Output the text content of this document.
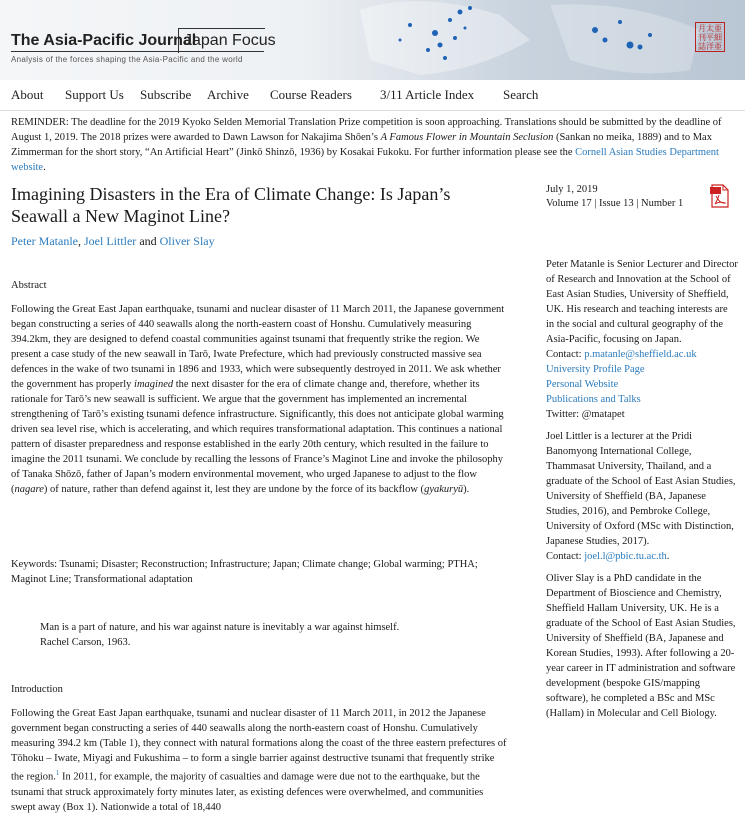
The Asia-Pacific Journal
Japan Focus
Analysis of the forces shaping the Asia-Pacific and the world
月太亜
刊平細
誌洋亜
About Support Us Subscribe Archive Course Readers 3/11 Article Index Search
REMINDER: The deadline for the 2019 Kyoko Selden Memorial Translation Prize competition is soon approaching. Translations should be submitted by the deadline of August 1, 2019. The 2018 prizes were awarded to Dawn Lawson for Nakajima Shōen’s A Famous Flower in Mountain Seclusion (Sankan no meika, 1889) and to Max Zimmerman for the short story, “An Artificial Heart” (Jinkō Shinzō, 1936) by Kosakai Fukoku. For further information please see the Cornell Asian Studies Department website.
Imagining Disasters in the Era of Climate Change: Is Japan’s Seawall a New Maginot Line?
Peter Matanle, Joel Littler and Oliver Slay
July 1, 2019
Volume 17 | Issue 13 | Number 1
Abstract
Following the Great East Japan earthquake, tsunami and nuclear disaster of 11 March 2011, the Japanese government began constructing a series of 440 seawalls along the north-eastern coast of Honshu. Cumulatively measuring 394.2km, they are designed to defend coastal communities against tsunami that frequently strike the region. We present a case study of the new seawall in Tarō, Iwate Prefecture, which had previously constructed massive sea defences in the wake of two tsunami in 1896 and 1933, which were subsequently destroyed in 2011. We ask whether the government has properly imagined the next disaster for the era of climate change and, therefore, whether its rationale for Tarō’s new seawall is sufficient. We argue that the government has implemented an incremental strengthening of Tarō’s existing tsunami defence infrastructure. Significantly, this does not anticipate global warming driven sea level rise, which is accelerating, and which requires transformational adaptation. This continues a national pattern of disaster preparedness and response established in the early 20th century, which resulted in the failure to imagine the 2011 tsunami. We conclude by recalling the lessons of France’s Maginot Line and invoke the philosophy of Tanaka Shōzō, father of Japan’s modern environmental movement, who urged Japanese to adjust to the flow (nagare) of nature, rather than defend against it, lest they are undone by the force of its backflow (gyakuryū).
Keywords: Tsunami; Disaster; Reconstruction; Infrastructure; Japan; Climate change; Global warming; PTHA; Maginot Line; Transformational adaptation
Man is a part of nature, and his war against nature is inevitably a war against himself.
Rachel Carson, 1963.
Introduction
Following the Great East Japan earthquake, tsunami and nuclear disaster of 11 March 2011, in 2012 the Japanese government began constructing a series of 440 seawalls along the north-eastern coast of Honshu. Cumulatively measuring 394.2 km (Table 1), they connect with natural formations along the coast of the three eastern prefectures of Tōhoku – Iwate, Miyagi and Fukushima – to form a single barrier against destructive tsunami that frequently strike the region.$^1$ In 2011, for example, the majority of casualties and damage were due not to the earthquake, but the tsunami that struck approximately forty minutes later, as existing defences were overwhelmed, and communities swept away (Box 1). Nationwide a total of 18,440

Peter Matanle is Senior Lecturer and Director of Research and Innovation at the School of East Asian Studies, University of Sheffield, UK. His research and teaching interests are in the social and cultural geography of the Asia-Pacific, focusing on Japan.
Contact: p.matanle@sheffield.ac.uk
University Profile Page
Personal Website
Publications and Talks
Twitter: @matapet

Joel Littler is a lecturer at the Pridi Banomyong International College, Thammasat University, Thailand, and a graduate of the School of East Asian Studies, University of Sheffield (BA, Japanese Studies, 2016), and Pembroke College, University of Oxford (MSc with Distinction, Japanese Studies, 2017).
Contact: joel.l@pbic.tu.ac.th.

Oliver Slay is a PhD candidate in the Department of Bioscience and Chemistry, Sheffield Hallam University, UK. He is a graduate of the School of East Asian Studies, University of Sheffield (BA, Japanese and Korean Studies, 1993). After following a 20-year career in IT administration and software development (bespoke GIS/mapping software), he completed a BSc and MSc (Hallam) in Molecular and Cell Biology.
